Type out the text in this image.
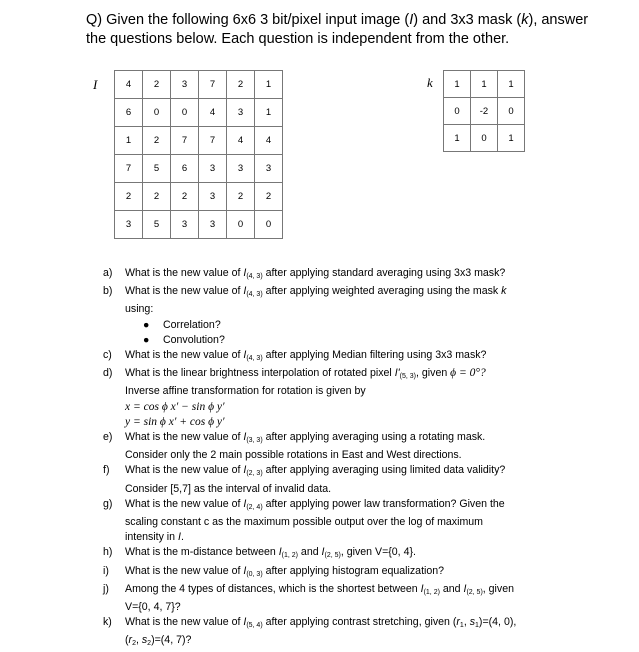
Q) Given the following 6x6 3 bit/pixel input image (I) and 3x3 mask (k), answer the questions below. Each question is independent from the other.
I	4	2	3	7	2	1
6	0	0	4	3	1
1	2	7	7	4	4
7	5	6	3	3	3
2	2	2	3	2	2
3	5	3	3	0	0
k 1	1	1
0	-2	0
1	0	1
a)	What is the new value of $I_{(4, 3)}$ after applying standard averaging using 3x3 mask?
b)	What is the new value of $I_{(4, 3)}$ after applying weighted averaging using the mask k
using:
●	Correlation?
●	Convolution?
c)	What is the new value of $I_{(4, 3)}$ after applying Median filtering using 3x3 mask?
d)	What is the linear brightness interpolation of rotated pixel $I'_{(5, 3)}$, given ϕ = 0°?
Inverse affine transformation for rotation is given by
x = cos ϕ x′ − sin ϕ y′
y = sin ϕ x′ + cos ϕ y′
e)	What is the new value of $I_{(3, 3)}$ after applying averaging using a rotating mask.
Consider only the 2 main possible rotations in East and West directions.
f)	What is the new value of $I_{(2, 3)}$ after applying averaging using limited data validity?
Consider [5,7] as the interval of invalid data.
g)	What is the new value of $I_{(2, 4)}$ after applying power law transformation? Given the
scaling constant c as the maximum possible output over the log of maximum
intensity in I.
h)	What is the m-distance between $I_{(1, 2)}$ and $I_{(2, 5)}$, given V={0, 4}.
i)	What is the new value of $I_{(0, 3)}$ after applying histogram equalization?
j)	Among the 4 types of distances, which is the shortest between $I_{(1, 2)}$ and $I_{(2, 5)}$, given
V={0, 4, 7}?
k)	What is the new value of $I_{(5, 4)}$ after applying contrast stretching, given ($r_1$, $s_1)=(4$, 0),
($r_2$, $s_2)=(4$, 7)?
